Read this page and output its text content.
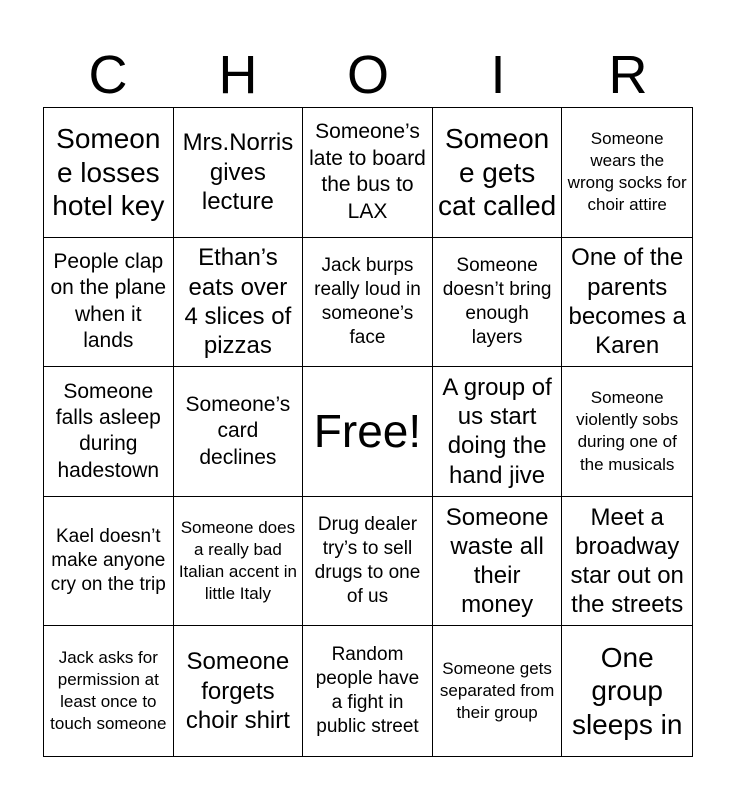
C	H	O	I	R
Someone losses hotel key
Mrs.Norris gives lecture
Someone’s late to board the bus to LAX
Someone gets cat called
Someone wears the wrong socks for choir attire
People clap on the plane when it lands
Ethan’s eats over 4 slices of pizzas
Jack burps really loud in someone’s face
Someone doesn’t bring enough layers
One of the parents becomes a Karen
Someone falls asleep during hadestown
Someone’s card declines
Free!
A group of us start doing the hand jive
Someone violently sobs during one of the musicals
Kael doesn’t make anyone cry on the trip
Someone does a really bad Italian accent in little Italy
Drug dealer try’s to sell drugs to one of us
Someone waste all their money
Meet a broadway star out on the streets
Jack asks for permission at least once to touch someone
Someone forgets choir shirt
Random people have a fight in public street
Someone gets separated from their group
One group sleeps in
